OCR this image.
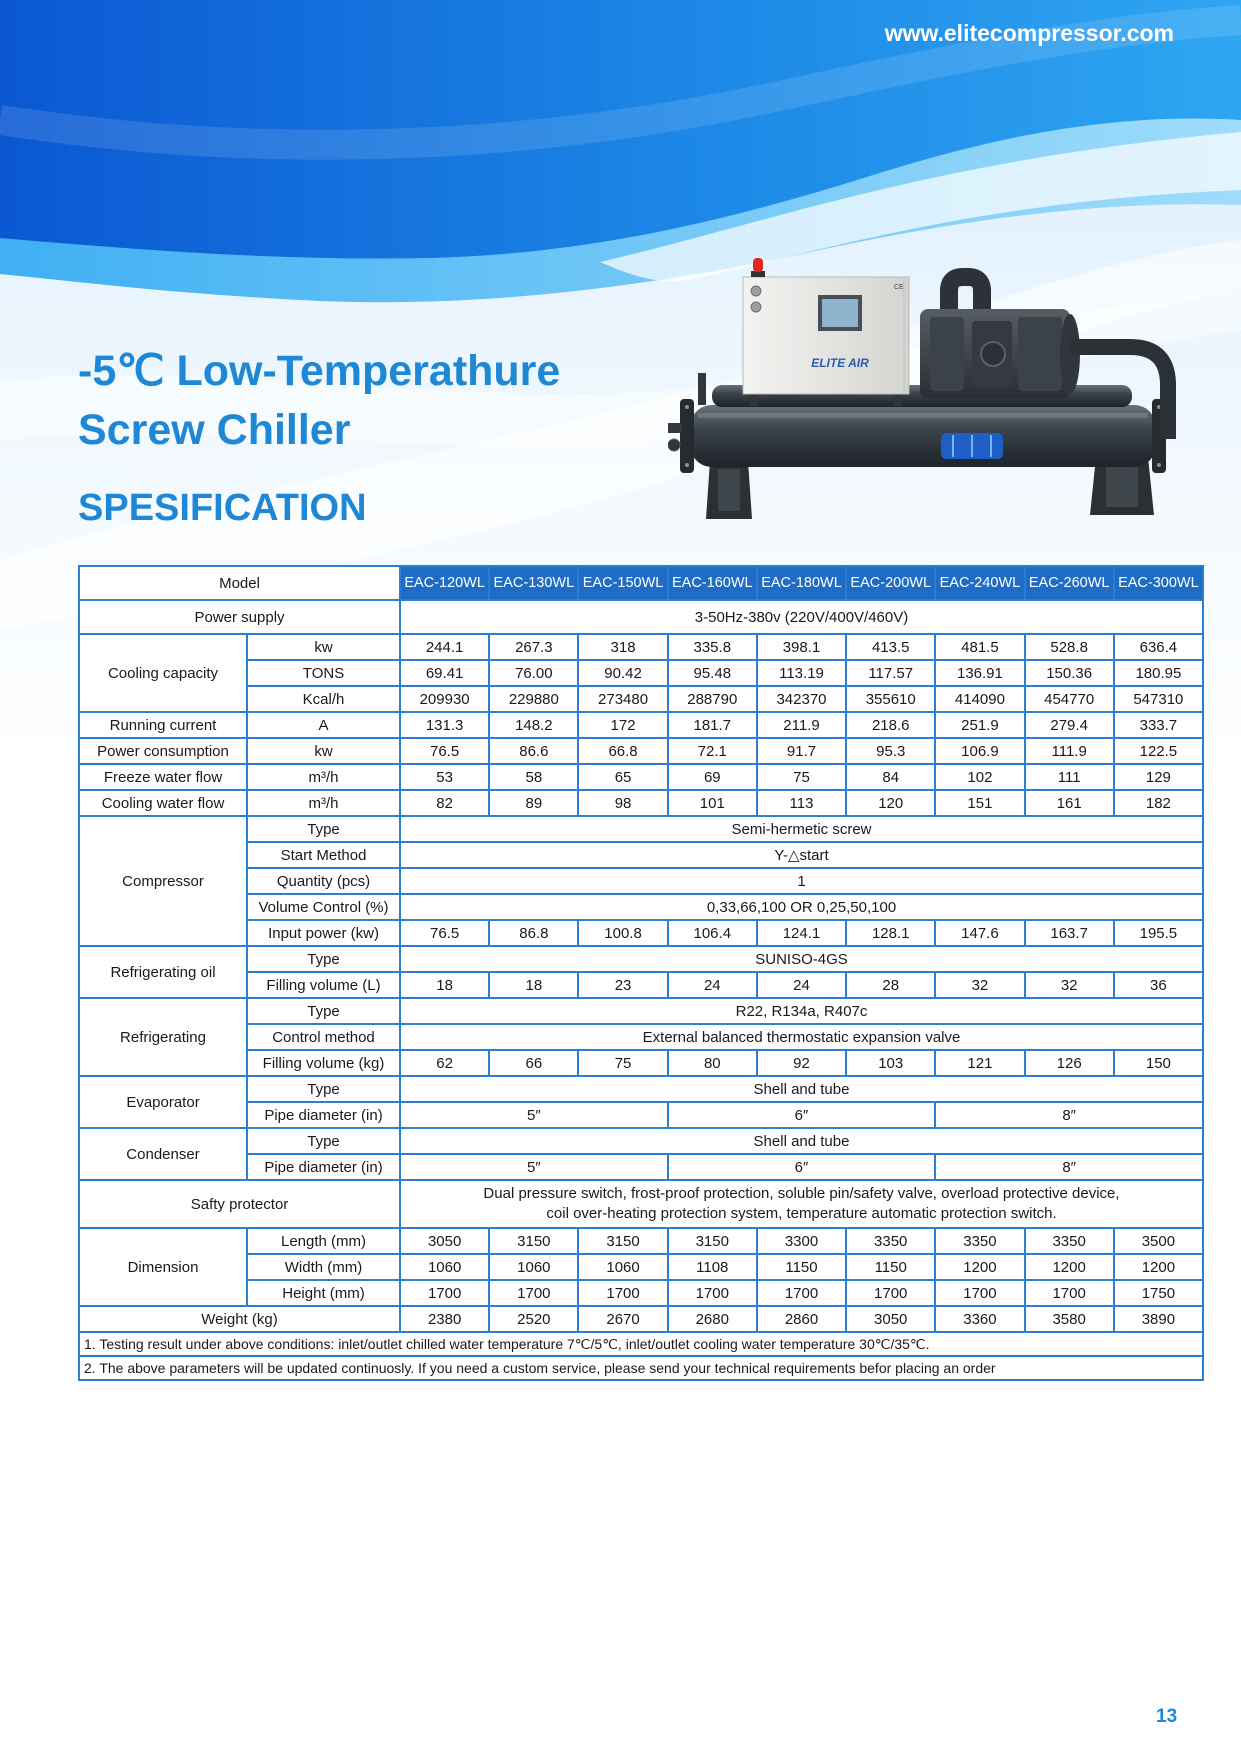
www.elitecompressor.com
-5℃ Low-Temperathure
Screw Chiller
SPESIFICATION
ELITE AIR
CE
Model		EAC-120WL	EAC-130WL	EAC-150WL	EAC-160WL	EAC-180WL	EAC-200WL	EAC-240WL	EAC-260WL	EAC-300WL
Power supply		3-50Hz-380v (220V/400V/460V)								
Cooling capacity	kw	244.1	267.3	318	335.8	398.1	413.5	481.5	528.8	636.4
	TONS	69.41	76.00	90.42	95.48	113.19	117.57	136.91	150.36	180.95
	Kcal/h	209930	229880	273480	288790	342370	355610	414090	454770	547310
Running current	A	131.3	148.2	172	181.7	211.9	218.6	251.9	279.4	333.7
Power consumption	kw	76.5	86.6	66.8	72.1	91.7	95.3	106.9	111.9	122.5
Freeze water flow	m³/h	53	58	65	69	75	84	102	111	129
Cooling water flow	m³/h	82	89	98	101	113	120	151	161	182
Compressor	Type	Semi-hermetic screw								
	Start Method	Y-△start								
	Quantity (pcs)	1								
	Volume Control (%)	0,33,66,100 OR 0,25,50,100								
	Input power (kw)	76.5	86.8	100.8	106.4	124.1	128.1	147.6	163.7	195.5
Refrigerating oil	Type	SUNISO-4GS								
	Filling volume (L)	18	18	23	24	24	28	32	32	36
Refrigerating	Type	R22, R134a, R407c								
	Control method	External balanced thermostatic expansion valve								
	Filling volume (kg)	62	66	75	80	92	103	121	126	150
Evaporator	Type	Shell and tube								
	Pipe diameter (in)	5″			6″			8″		
Condenser	Type	Shell and tube								
	Pipe diameter (in)	5″			6″			8″		
Safty protector		Dual pressure switch, frost-proof protection, soluble pin/safety valve, overload protective device,
coil over-heating protection system, temperature automatic protection switch.								

Dimension	Length (mm)	3050	3150	3150	3150	3300	3350	3350	3350	3500
	Width (mm)	1060	1060	1060	1108	1150	1150	1200	1200	1200
	Height (mm)	1700	1700	1700	1700	1700	1700	1700	1700	1750
Weight (kg)		2380	2520	2670	2680	2860	3050	3360	3580	3890
1. Testing result under above conditions: inlet/outlet chilled water temperature 7℃/5℃, inlet/outlet cooling water temperature 30℃/35℃.										
2. The above parameters will be updated continuosly. If you need a custom service, please send your technical requirements befor placing an order										
13
